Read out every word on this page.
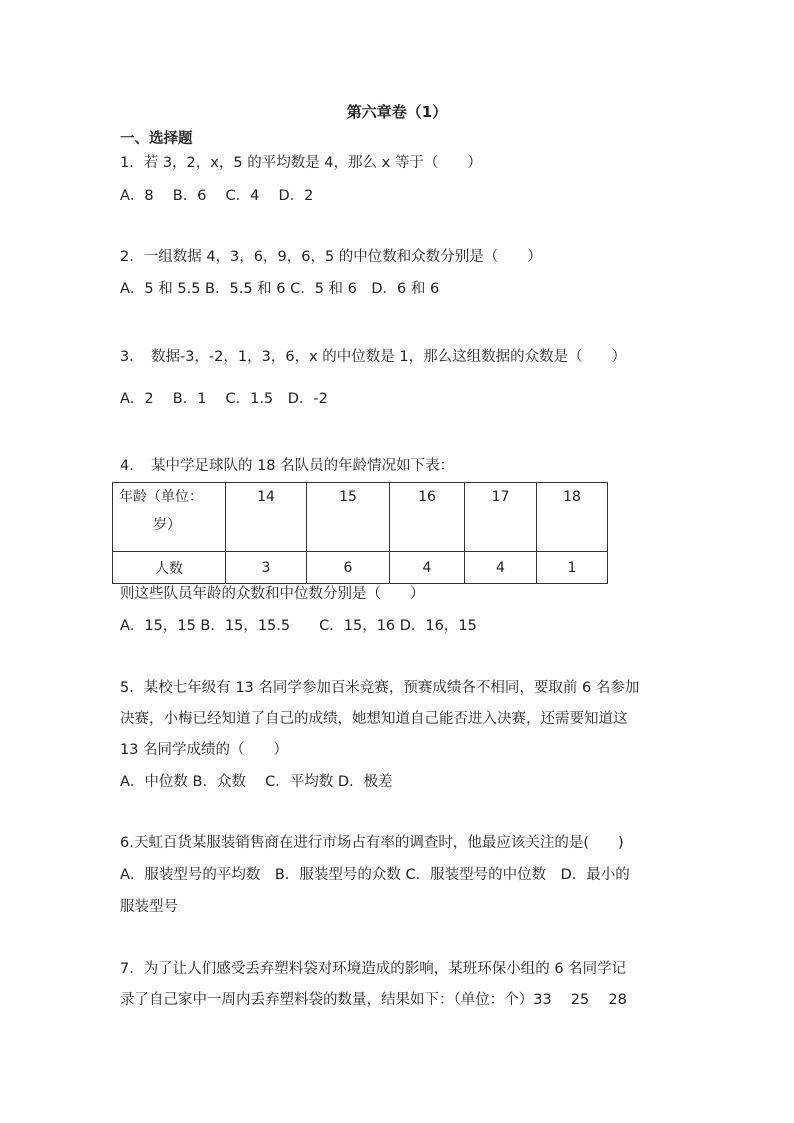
第六章卷（1）
一、选择题
1．若 3，2，x，5 的平均数是 4，那么 x 等于（　　）
A．8　 B．6　 C．4　 D．2
2．一组数据 4，3，6，9，6，5 的中位数和众数分别是（　　）
A．5 和 5.5 B．5.5 和 6 C．5 和 6　D．6 和 6
3．　数据-3，-2，1，3，6，x 的中位数是 1，那么这组数据的众数是（　　）
A．2　 B．1　 C．1.5　D．-2
4．　某中学足球队的 18 名队员的年龄情况如下表：
年龄（单位：
岁）	14	15	16	17	18
人数	3	6	4	4	1
则这些队员年龄的众数和中位数分别是（　　）
A．15，15 B．15，15.5　　C．15，16 D．16，15
5．某校七年级有 13 名同学参加百米竞赛，预赛成绩各不相同，要取前 6 名参加
决赛，小梅已经知道了自己的成绩，她想知道自己能否进入决赛，还需要知道这
13 名同学成绩的（　　）
A．中位数 B．众数　 C．平均数 D．极差
6.天虹百货某服装销售商在进行市场占有率的调查时，他最应该关注的是(　　)
A．服装型号的平均数　B．服装型号的众数 C．服装型号的中位数　D．最小的
服装型号
7．为了让人们感受丢弃塑料袋对环境造成的影响，某班环保小组的 6 名同学记
录了自己家中一周内丢弃塑料袋的数量，结果如下：（单位：个）33　 25　 28
